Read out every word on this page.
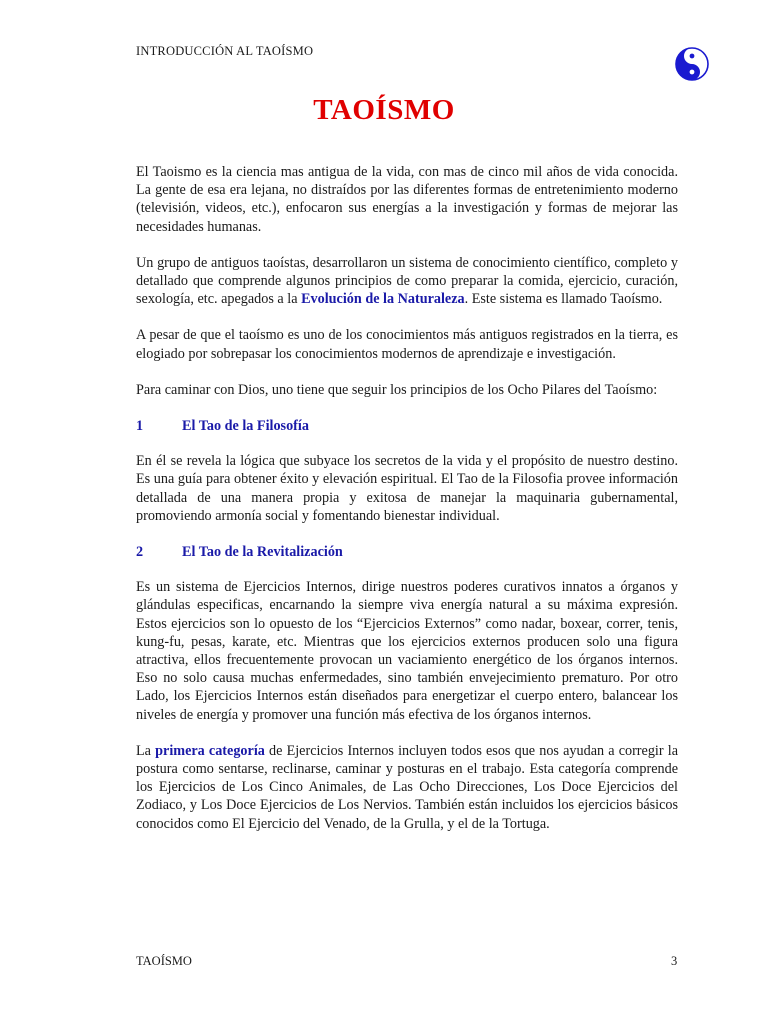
INTRODUCCIÓN AL TAOÍSMO
TAOÍSMO

El Taoismo es la ciencia mas antigua de la vida, con mas de cinco mil años de vida conocida. La gente de esa era lejana, no distraídos por las diferentes formas de entretenimiento moderno (televisión, videos, etc.), enfocaron sus energías a la investigación y formas de mejorar las necesidades humanas.

Un grupo de antiguos taoístas, desarrollaron un sistema de conocimiento científico, completo y detallado que comprende algunos principios de como preparar la comida, ejercicio, curación, sexología, etc. apegados a la Evolución de la Naturaleza. Este sistema es llamado Taoísmo.

A pesar de que el taoísmo es uno de los conocimientos más antiguos registrados en la tierra, es elogiado por sobrepasar los conocimientos modernos de aprendizaje e investigación.

Para caminar con Dios, uno tiene que seguir los principios de los Ocho Pilares del Taoísmo:

1	El Tao de la Filosofía

En él se revela la lógica que subyace los secretos de la vida y el propósito de nuestro destino. Es una guía para obtener éxito y elevación espiritual. El Tao de la Filosofia provee información detallada de una manera propia y exitosa de manejar la maquinaria gubernamental, promoviendo armonía social y fomentando bienestar individual.

2	El Tao de la Revitalización

Es un sistema de Ejercicios Internos, dirige nuestros poderes curativos innatos a órganos y glándulas especificas, encarnando la siempre viva energía natural a su máxima expresión. Estos ejercicios son lo opuesto de los “Ejercicios Externos” como nadar, boxear, correr, tenis, kung-fu, pesas, karate, etc. Mientras que los ejercicios externos producen solo una figura atractiva, ellos frecuentemente provocan un vaciamiento energético de los órganos internos. Eso no solo causa muchas enfermedades, sino también envejecimiento prematuro. Por otro Lado, los Ejercicios Internos están diseñados para energetizar el cuerpo entero, balancear los niveles de energía y promover una función más efectiva de los órganos internos.

La primera categoría de Ejercicios Internos incluyen todos esos que nos ayudan a corregir la postura como sentarse, reclinarse, caminar y posturas en el trabajo. Esta categoría comprende los Ejercicios de Los Cinco Animales, de Las Ocho Direcciones, Los Doce Ejercicios del Zodiaco, y Los Doce Ejercicios de Los Nervios. También están incluidos los ejercicios básicos conocidos como El Ejercicio del Venado, de la Grulla, y el de la Tortuga.

TAOÍSMO	3
